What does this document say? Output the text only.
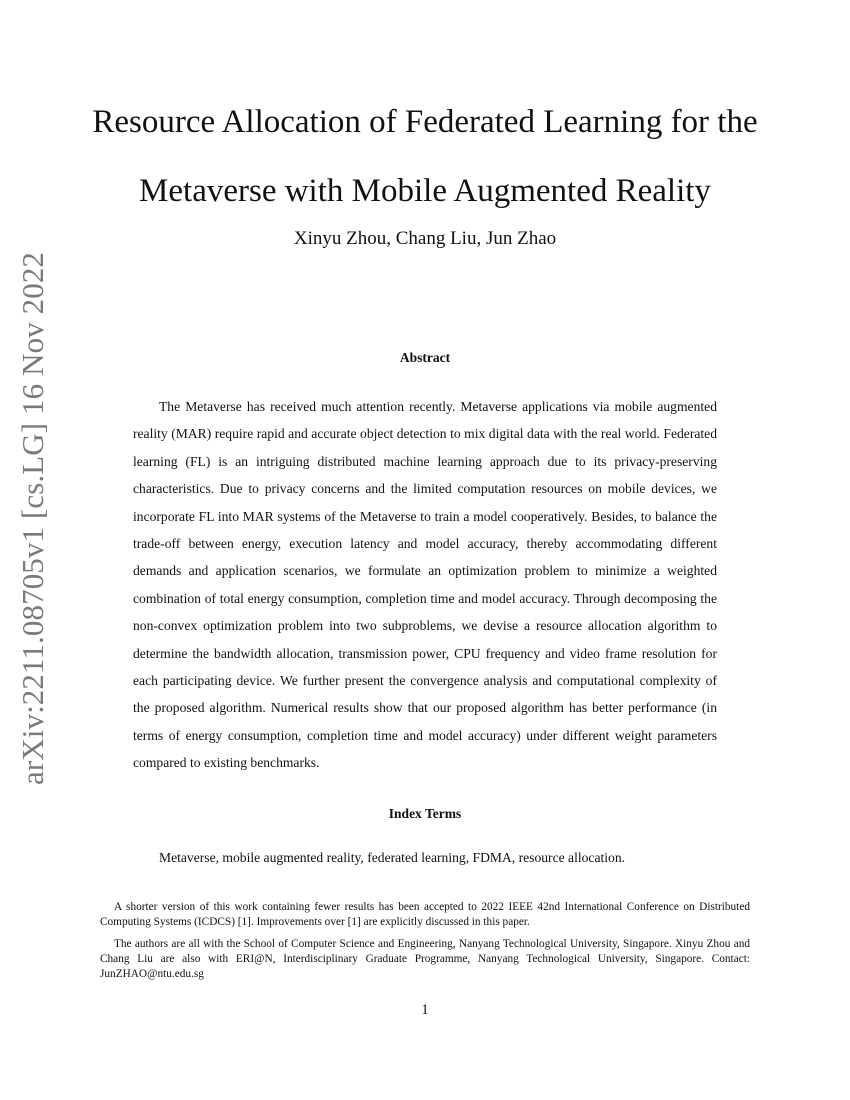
arXiv:2211.08705v1 [cs.LG] 16 Nov 2022
Resource Allocation of Federated Learning for the Metaverse with Mobile Augmented Reality

Xinyu Zhou, Chang Liu, Jun Zhao

Abstract

The Metaverse has received much attention recently. Metaverse applications via mobile augmented reality (MAR) require rapid and accurate object detection to mix digital data with the real world. Federated learning (FL) is an intriguing distributed machine learning approach due to its privacy-preserving characteristics. Due to privacy concerns and the limited computation resources on mobile devices, we incorporate FL into MAR systems of the Metaverse to train a model cooperatively. Besides, to balance the trade-off between energy, execution latency and model accuracy, thereby accommodating different demands and application scenarios, we formulate an optimization problem to minimize a weighted combination of total energy consumption, completion time and model accuracy. Through decomposing the non-convex optimization problem into two subproblems, we devise a resource allocation algorithm to determine the bandwidth allocation, transmission power, CPU frequency and video frame resolution for each participating device. We further present the convergence analysis and computational complexity of the proposed algorithm. Numerical results show that our proposed algorithm has better performance (in terms of energy consumption, completion time and model accuracy) under different weight parameters compared to existing benchmarks.

Index Terms

Metaverse, mobile augmented reality, federated learning, FDMA, resource allocation.

A shorter version of this work containing fewer results has been accepted to 2022 IEEE 42nd International Conference on Distributed Computing Systems (ICDCS) [1]. Improvements over [1] are explicitly discussed in this paper.

The authors are all with the School of Computer Science and Engineering, Nanyang Technological University, Singapore. Xinyu Zhou and Chang Liu are also with ERI@N, Interdisciplinary Graduate Programme, Nanyang Technological University, Singapore. Contact: JunZHAO@ntu.edu.sg

1
